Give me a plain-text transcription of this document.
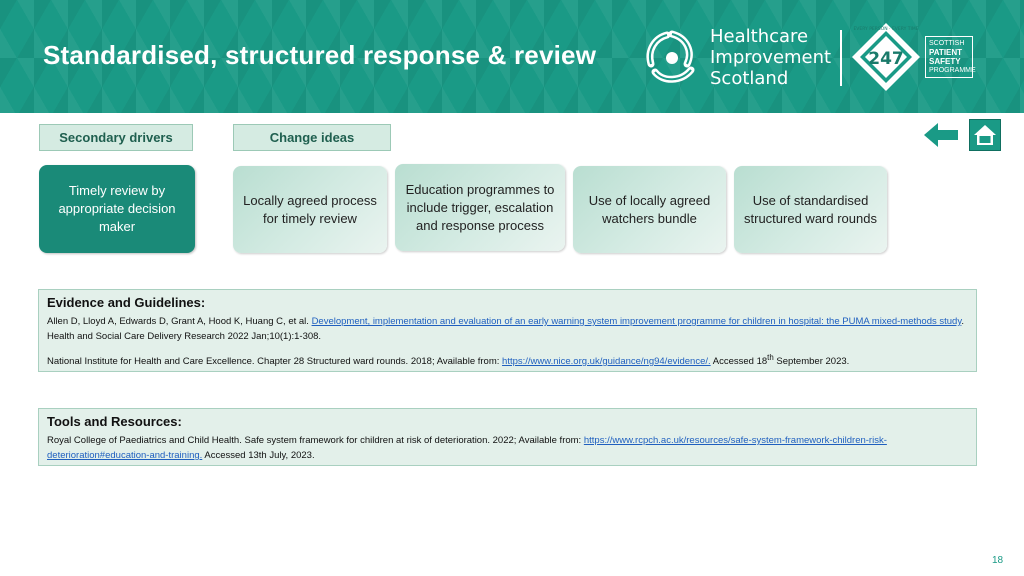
Standardised, structured response & review
Healthcare
Improvement
Scotland
247
EVERY PERSON · EVERY TIME
SCOTTISH
PATIENT
SAFETY
PROGRAMME
Secondary drivers	Change ideas
Timely review by appropriate decision maker
Locally agreed process for timely review
Education programmes to include trigger, escalation and response process
Use of locally agreed watchers bundle
Use of standardised structured ward rounds
Evidence and Guidelines:
Allen D, Lloyd A, Edwards D, Grant A, Hood K, Huang C, et al. Development, implementation and evaluation of an early warning system improvement programme for children in hospital: the PUMA mixed-methods study. Health and Social Care Delivery Research 2022 Jan;10(1):1-308.
National Institute for Health and Care Excellence. Chapter 28 Structured ward rounds. 2018; Available from: https://www.nice.org.uk/guidance/ng94/evidence/. Accessed 18th September 2023.
Tools and Resources:
Royal College of Paediatrics and Child Health. Safe system framework for children at risk of deterioration. 2022; Available from: https://www.rcpch.ac.uk/resources/safe-system-framework-children-risk-deterioration#education-and-training. Accessed 13th July, 2023.
18
